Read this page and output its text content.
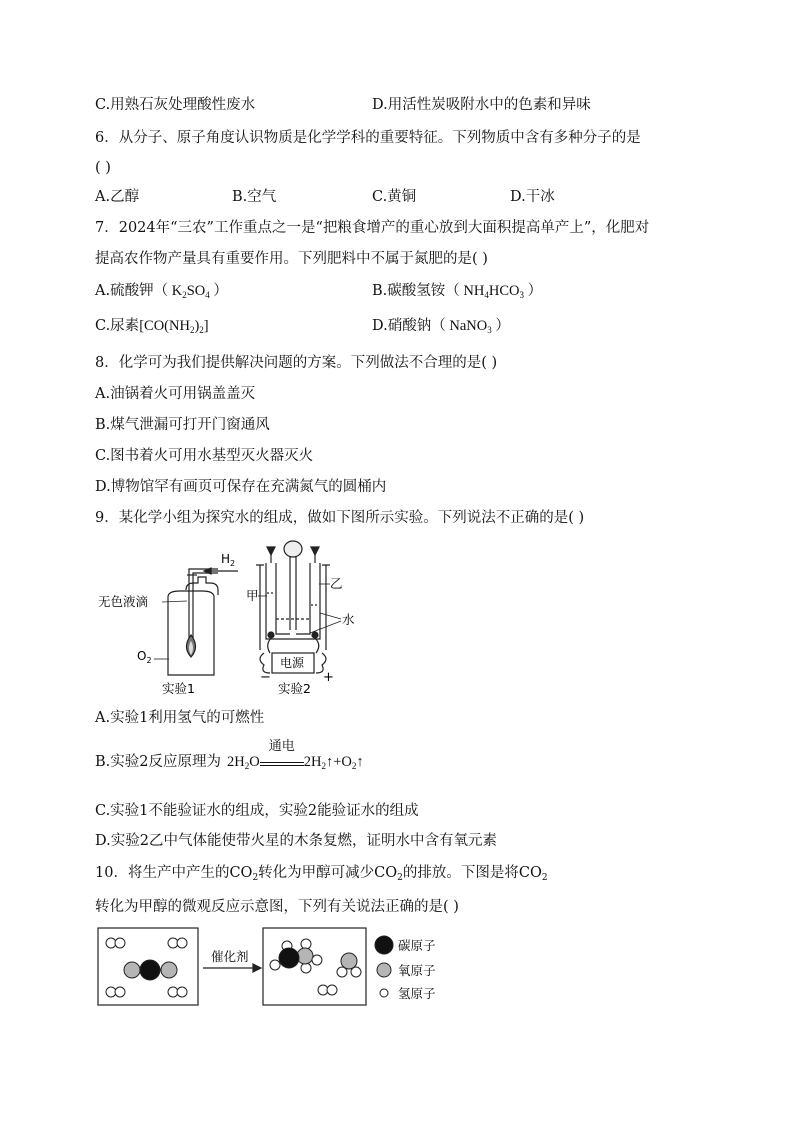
C.用熟石灰处理酸性废水	D.用活性炭吸附水中的色素和异味
6．从分子、原子角度认识物质是化学学科的重要特征。下列物质中含有多种分子的是
( )
A.乙醇	B.空气	C.黄铜	D.干冰
7．2024年“三农”工作重点之一是“把粮食增产的重心放到大面积提高单产上”，化肥对
提高农作物产量具有重要作用。下列肥料中不属于氮肥的是( )
A.硫酸钾（ $K_2SO_4$ ）	B.碳酸氢铵（ $NH_4HCO_3$ ）
C.尿素$[CO(NH_2)_2]$	D.硝酸钠（ NaNO$_3$ ）
8．化学可为我们提供解决问题的方案。下列做法不合理的是( )
A.油锅着火可用锅盖盖灭
B.煤气泄漏可打开门窗通风
C.图书着火可用水基型灭火器灭火
D.博物馆罕有画页可保存在充满氮气的圆桶内
9．某化学小组为探究水的组成，做如下图所示实验。下列说法不正确的是( )
$H_2$
无色液滴
$O_2$
实验1
甲
乙
水
电源
−	+
实验2
A.实验1利用氢气的可燃性
B.实验2反应原理为 $2H_2O$
通电
$2H_2↑+O_2↑$
C.实验1不能验证水的组成，实验2能验证水的组成
D.实验2乙中气体能使带火星的木条复燃，证明水中含有氧元素
10．将生产中产生的$CO_2$转化为甲醇可减少$CO_2$的排放。下图是将$CO_2$
转化为甲醇的微观反应示意图，下列有关说法正确的是( )
催化剂
碳原子
氧原子
氢原子
